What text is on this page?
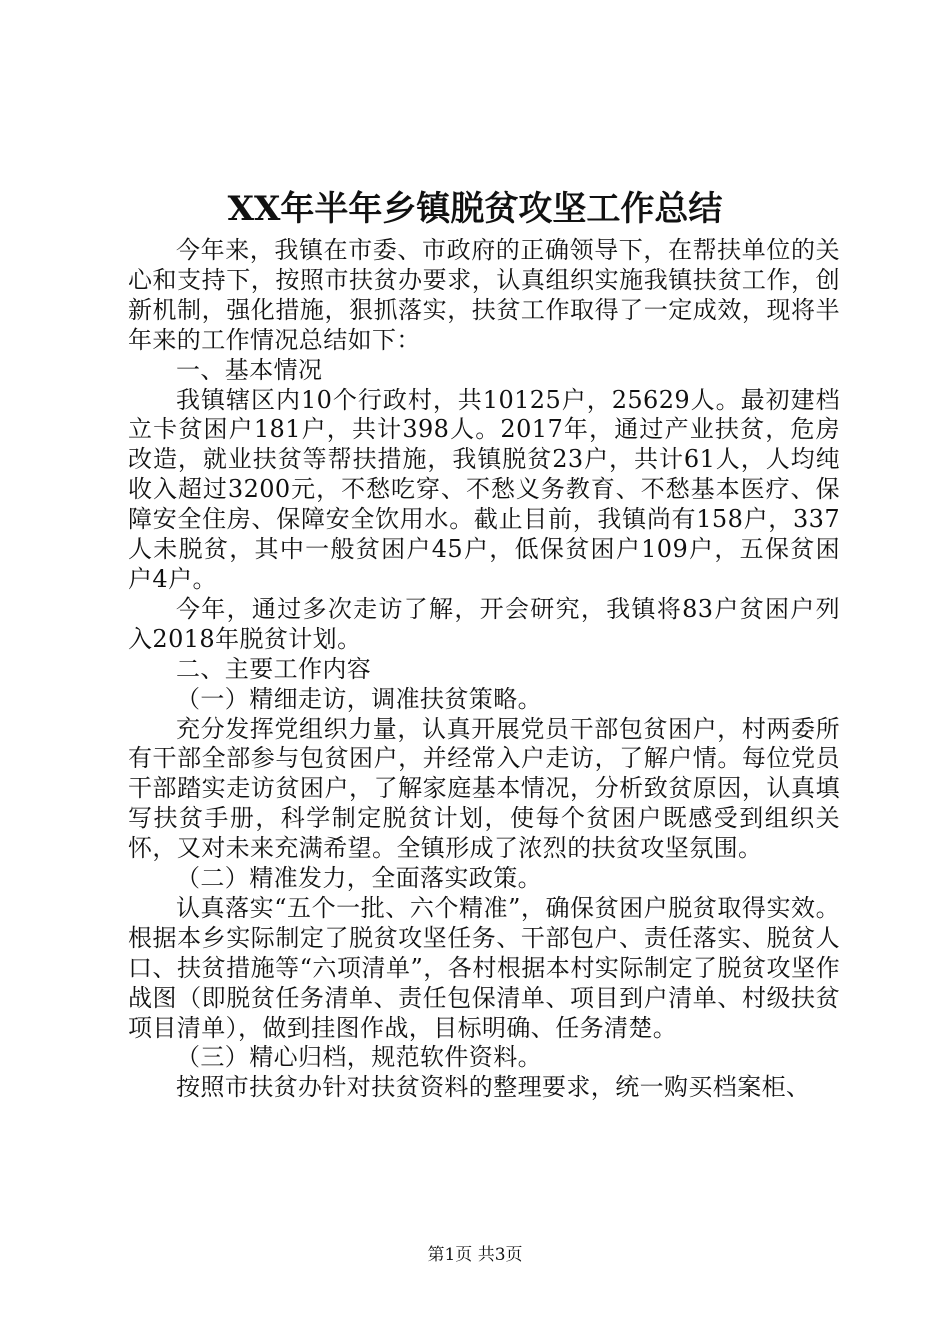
XX年半年乡镇脱贫攻坚工作总结

今年来，我镇在市委、市政府的正确领导下，在帮扶单位的关心和支持下，按照市扶贫办要求，认真组织实施我镇扶贫工作，创新机制，强化措施，狠抓落实，扶贫工作取得了一定成效，现将半年来的工作情况总结如下：

一、基本情况

我镇辖区内10个行政村，共10125户，25629人。最初建档立卡贫困户181户，共计398人。2017年，通过产业扶贫，危房改造，就业扶贫等帮扶措施，我镇脱贫23户，共计61人，人均纯收入超过3200元，不愁吃穿、不愁义务教育、不愁基本医疗、保障安全住房、保障安全饮用水。截止目前，我镇尚有158户，337人未脱贫，其中一般贫困户45户，低保贫困户109户，五保贫困户4户。

今年，通过多次走访了解，开会研究，我镇将83户贫困户列入2018年脱贫计划。

二、主要工作内容

（一）精细走访，调准扶贫策略。

充分发挥党组织力量，认真开展党员干部包贫困户，村两委所有干部全部参与包贫困户，并经常入户走访，了解户情。每位党员干部踏实走访贫困户，了解家庭基本情况，分析致贫原因，认真填写扶贫手册，科学制定脱贫计划，使每个贫困户既感受到组织关怀，又对未来充满希望。全镇形成了浓烈的扶贫攻坚氛围。

（二）精准发力，全面落实政策。

认真落实“五个一批、六个精准”，确保贫困户脱贫取得实效。根据本乡实际制定了脱贫攻坚任务、干部包户、责任落实、脱贫人口、扶贫措施等“六项清单”，各村根据本村实际制定了脱贫攻坚作战图（即脱贫任务清单、责任包保清单、项目到户清单、村级扶贫项目清单），做到挂图作战，目标明确、任务清楚。

（三）精心归档，规范软件资料。

按照市扶贫办针对扶贫资料的整理要求，统一购买档案柜、

第1页 共3页
